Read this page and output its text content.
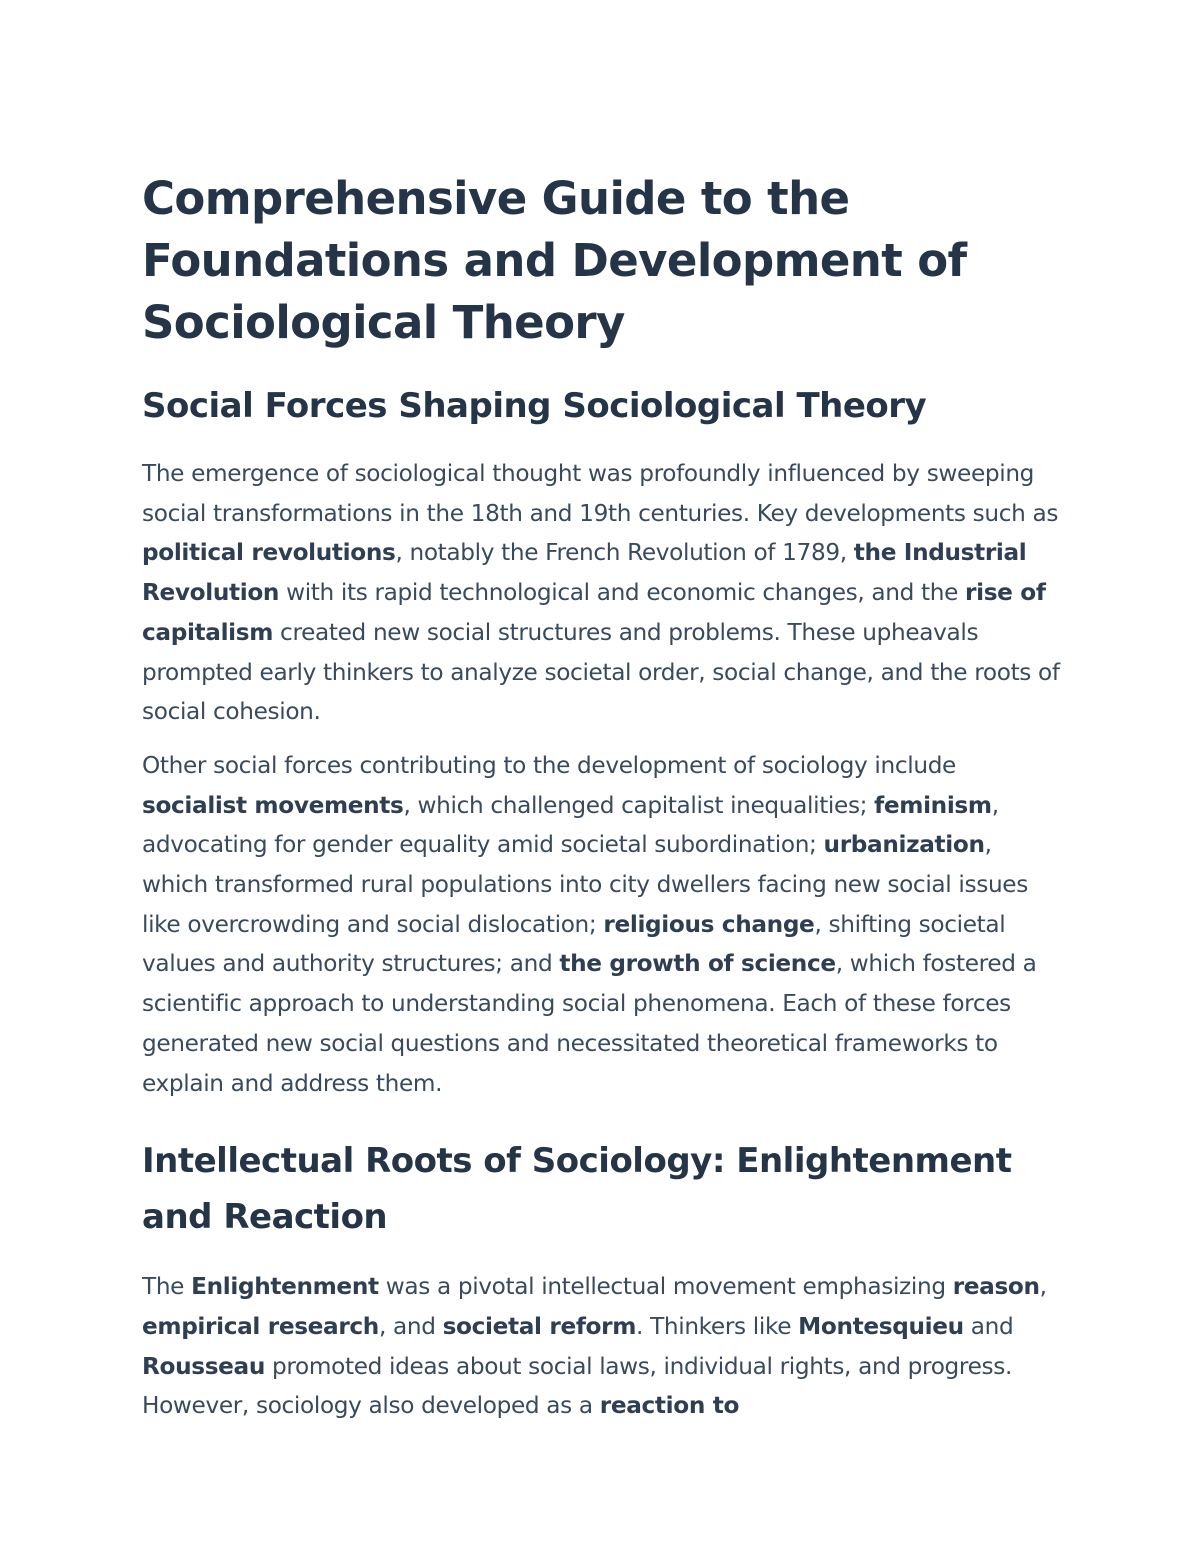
Comprehensive Guide to the Foundations and Development of Sociological Theory
Social Forces Shaping Sociological Theory

The emergence of sociological thought was profoundly influenced by sweeping social transformations in the 18th and 19th centuries. Key developments such as political revolutions, notably the French Revolution of 1789, the Industrial Revolution with its rapid technological and economic changes, and the rise of capitalism created new social structures and problems. These upheavals prompted early thinkers to analyze societal order, social change, and the roots of social cohesion.

Other social forces contributing to the development of sociology include socialist movements, which challenged capitalist inequalities; feminism, advocating for gender equality amid societal subordination; urbanization, which transformed rural populations into city dwellers facing new social issues like overcrowding and social dislocation; religious change, shifting societal values and authority structures; and the growth of science, which fostered a scientific approach to understanding social phenomena. Each of these forces generated new social questions and necessitated theoretical frameworks to explain and address them.

Intellectual Roots of Sociology: Enlightenment and Reaction

The Enlightenment was a pivotal intellectual movement emphasizing reason, empirical research, and societal reform. Thinkers like Montesquieu and Rousseau promoted ideas about social laws, individual rights, and progress. However, sociology also developed as a reaction to
